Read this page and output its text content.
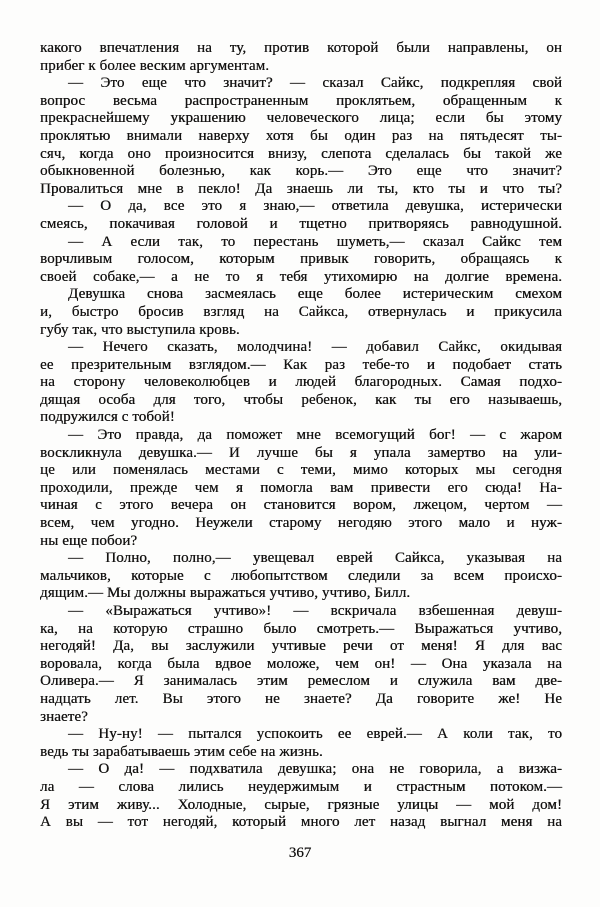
какого впечатления на ту, против которой были направлены, он
прибег к более веским аргументам.
— Это еще что значит? — сказал Сайкс, подкрепляя свой
вопрос весьма распространенным проклятьем, обращенным к
прекраснейшему украшению человеческого лица; если бы этому
проклятью внимали наверху хотя бы один раз на пятьдесят ты-
сяч, когда оно произносится внизу, слепота сделалась бы такой же
обыкновенной болезнью, как корь.— Это еще что значит?
Провалиться мне в пекло! Да знаешь ли ты, кто ты и что ты?
— О да, все это я знаю,— ответила девушка, истерически
смеясь, покачивая головой и тщетно притворяясь равнодушной.
— А если так, то перестань шуметь,— сказал Сайкс тем
ворчливым голосом, которым привык говорить, обращаясь к
своей собаке,— а не то я тебя утихомирю на долгие времена.
Девушка снова засмеялась еще более истерическим смехом
и, быстро бросив взгляд на Сайкса, отвернулась и прикусила
губу так, что выступила кровь.
— Нечего сказать, молодчина! — добавил Сайкс, окидывая
ее презрительным взглядом.— Как раз тебе-то и подобает стать
на сторону человеколюбцев и людей благородных. Самая подхо-
дящая особа для того, чтобы ребенок, как ты его называешь,
подружился с тобой!
— Это правда, да поможет мне всемогущий бог! — с жаром
воскликнула девушка.— И лучше бы я упала замертво на ули-
це или поменялась местами с теми, мимо которых мы сегодня
проходили, прежде чем я помогла вам привести его сюда! На-
чиная с этого вечера он становится вором, лжецом, чертом —
всем, чем угодно. Неужели старому негодяю этого мало и нуж-
ны еще побои?
— Полно, полно,— увещевал еврей Сайкса, указывая на
мальчиков, которые с любопытством следили за всем происхо-
дящим.— Мы должны выражаться учтиво, учтиво, Билл.
— «Выражаться учтиво»! — вскричала взбешенная девуш-
ка, на которую страшно было смотреть.— Выражаться учтиво,
негодяй! Да, вы заслужили учтивые речи от меня! Я для вас
воровала, когда была вдвое моложе, чем он! — Она указала на
Оливера.— Я занималась этим ремеслом и служила вам две-
надцать лет. Вы этого не знаете? Да говорите же! Не
знаете?
— Ну-ну! — пытался успокоить ее еврей.— А коли так, то
ведь ты зарабатываешь этим себе на жизнь.
— О да! — подхватила девушка; она не говорила, а визжа-
ла — слова лились неудержимым и страстным потоком.—
Я этим живу... Холодные, сырые, грязные улицы — мой дом!
А вы — тот негодяй, который много лет назад выгнал меня на
367
